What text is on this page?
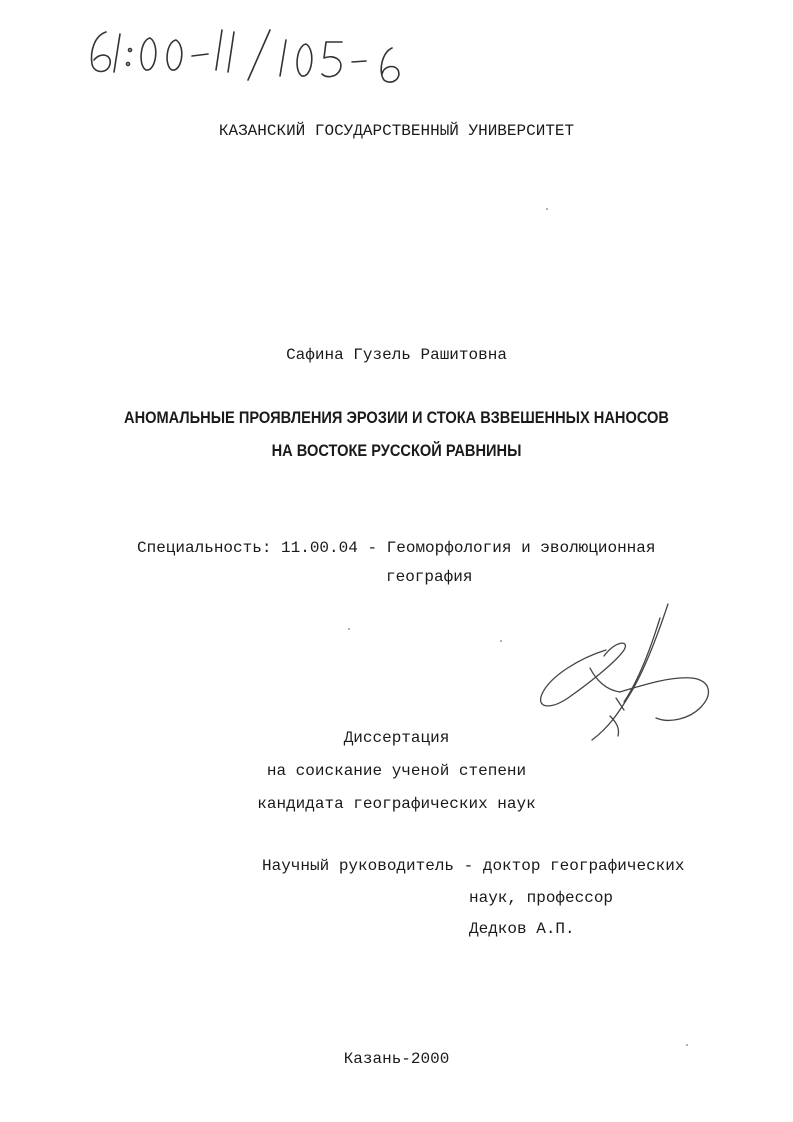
КАЗАНСКИЙ ГОСУДАРСТВЕННЫЙ УНИВЕРСИТЕТ
Сафина Гузель Рашитовна
АНОМАЛЬНЫЕ ПРОЯВЛЕНИЯ ЭРОЗИИ И СТОКА ВЗВЕШЕННЫХ НАНОСОВ
НА ВОСТОКЕ РУССКОЙ РАВНИНЫ
Специальность: 11.00.04 - Геоморфология и эволюционная
география
Диссертация
на соискание ученой степени
кандидата географических наук
Научный руководитель - доктор географических
наук, профессор
Дедков А.П.
Казань-2000
